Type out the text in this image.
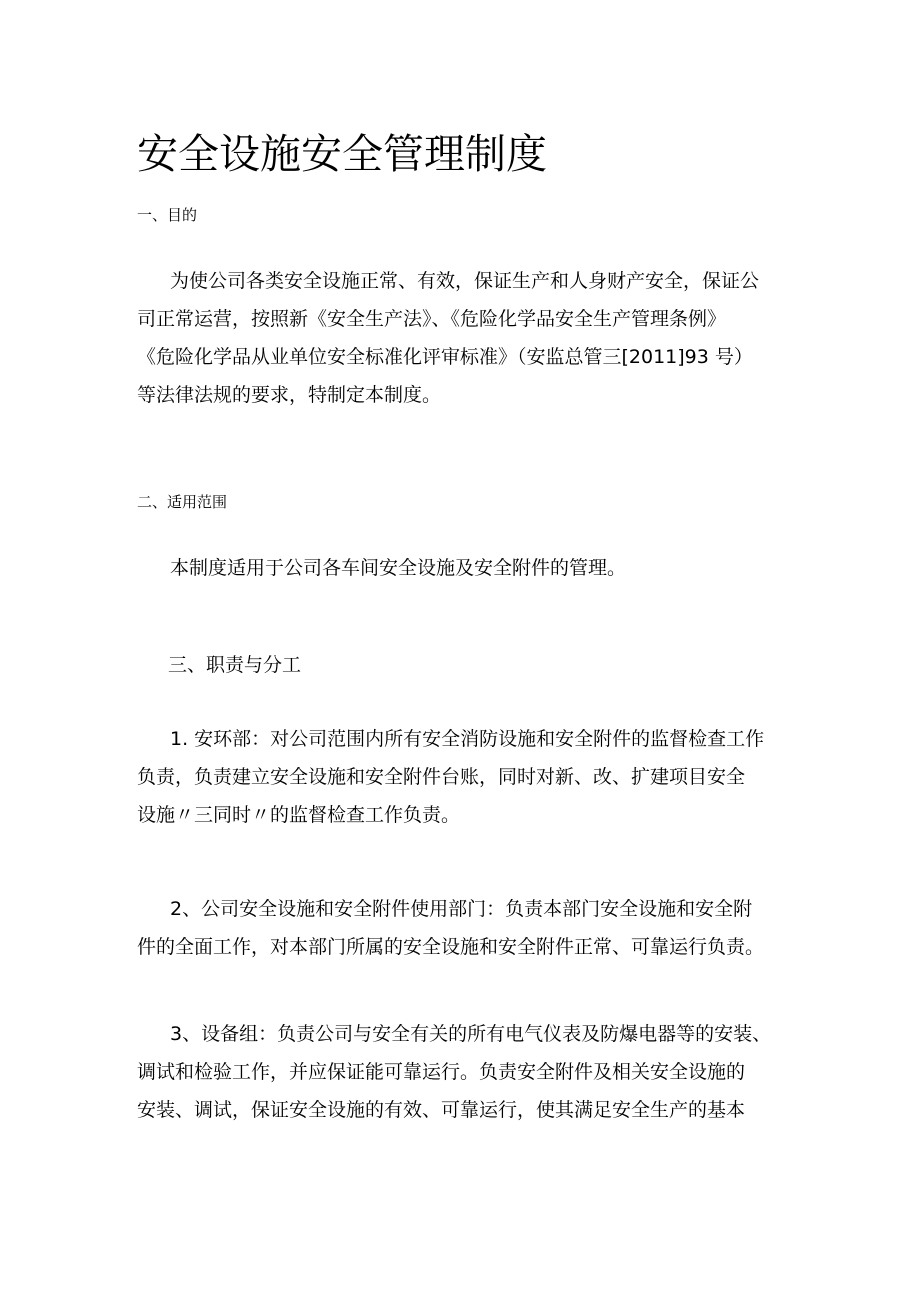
安全设施安全管理制度

一、目的

为使公司各类安全设施正常、有效，保证生产和人身财产安全，保证公
司正常运营，按照新《安全生产法》、《危险化学品安全生产管理条例》
《危险化学品从业单位安全标准化评审标准》（安监总管三[2011]93 号）
等法律法规的要求，特制定本制度。

二、适用范围

本制度适用于公司各车间安全设施及安全附件的管理。

三、职责与分工

1. 安环部：对公司范围内所有安全消防设施和安全附件的监督检查工作
负责，负责建立安全设施和安全附件台账，同时对新、改、扩建项目安全
设施〃三同时〃的监督检查工作负责。
2、公司安全设施和安全附件使用部门：负责本部门安全设施和安全附
件的全面工作，对本部门所属的安全设施和安全附件正常、可靠运行负责。
3、设备组：负责公司与安全有关的所有电气仪表及防爆电器等的安装、
调试和检验工作，并应保证能可靠运行。负责安全附件及相关安全设施的
安装、调试，保证安全设施的有效、可靠运行，使其满足安全生产的基本
